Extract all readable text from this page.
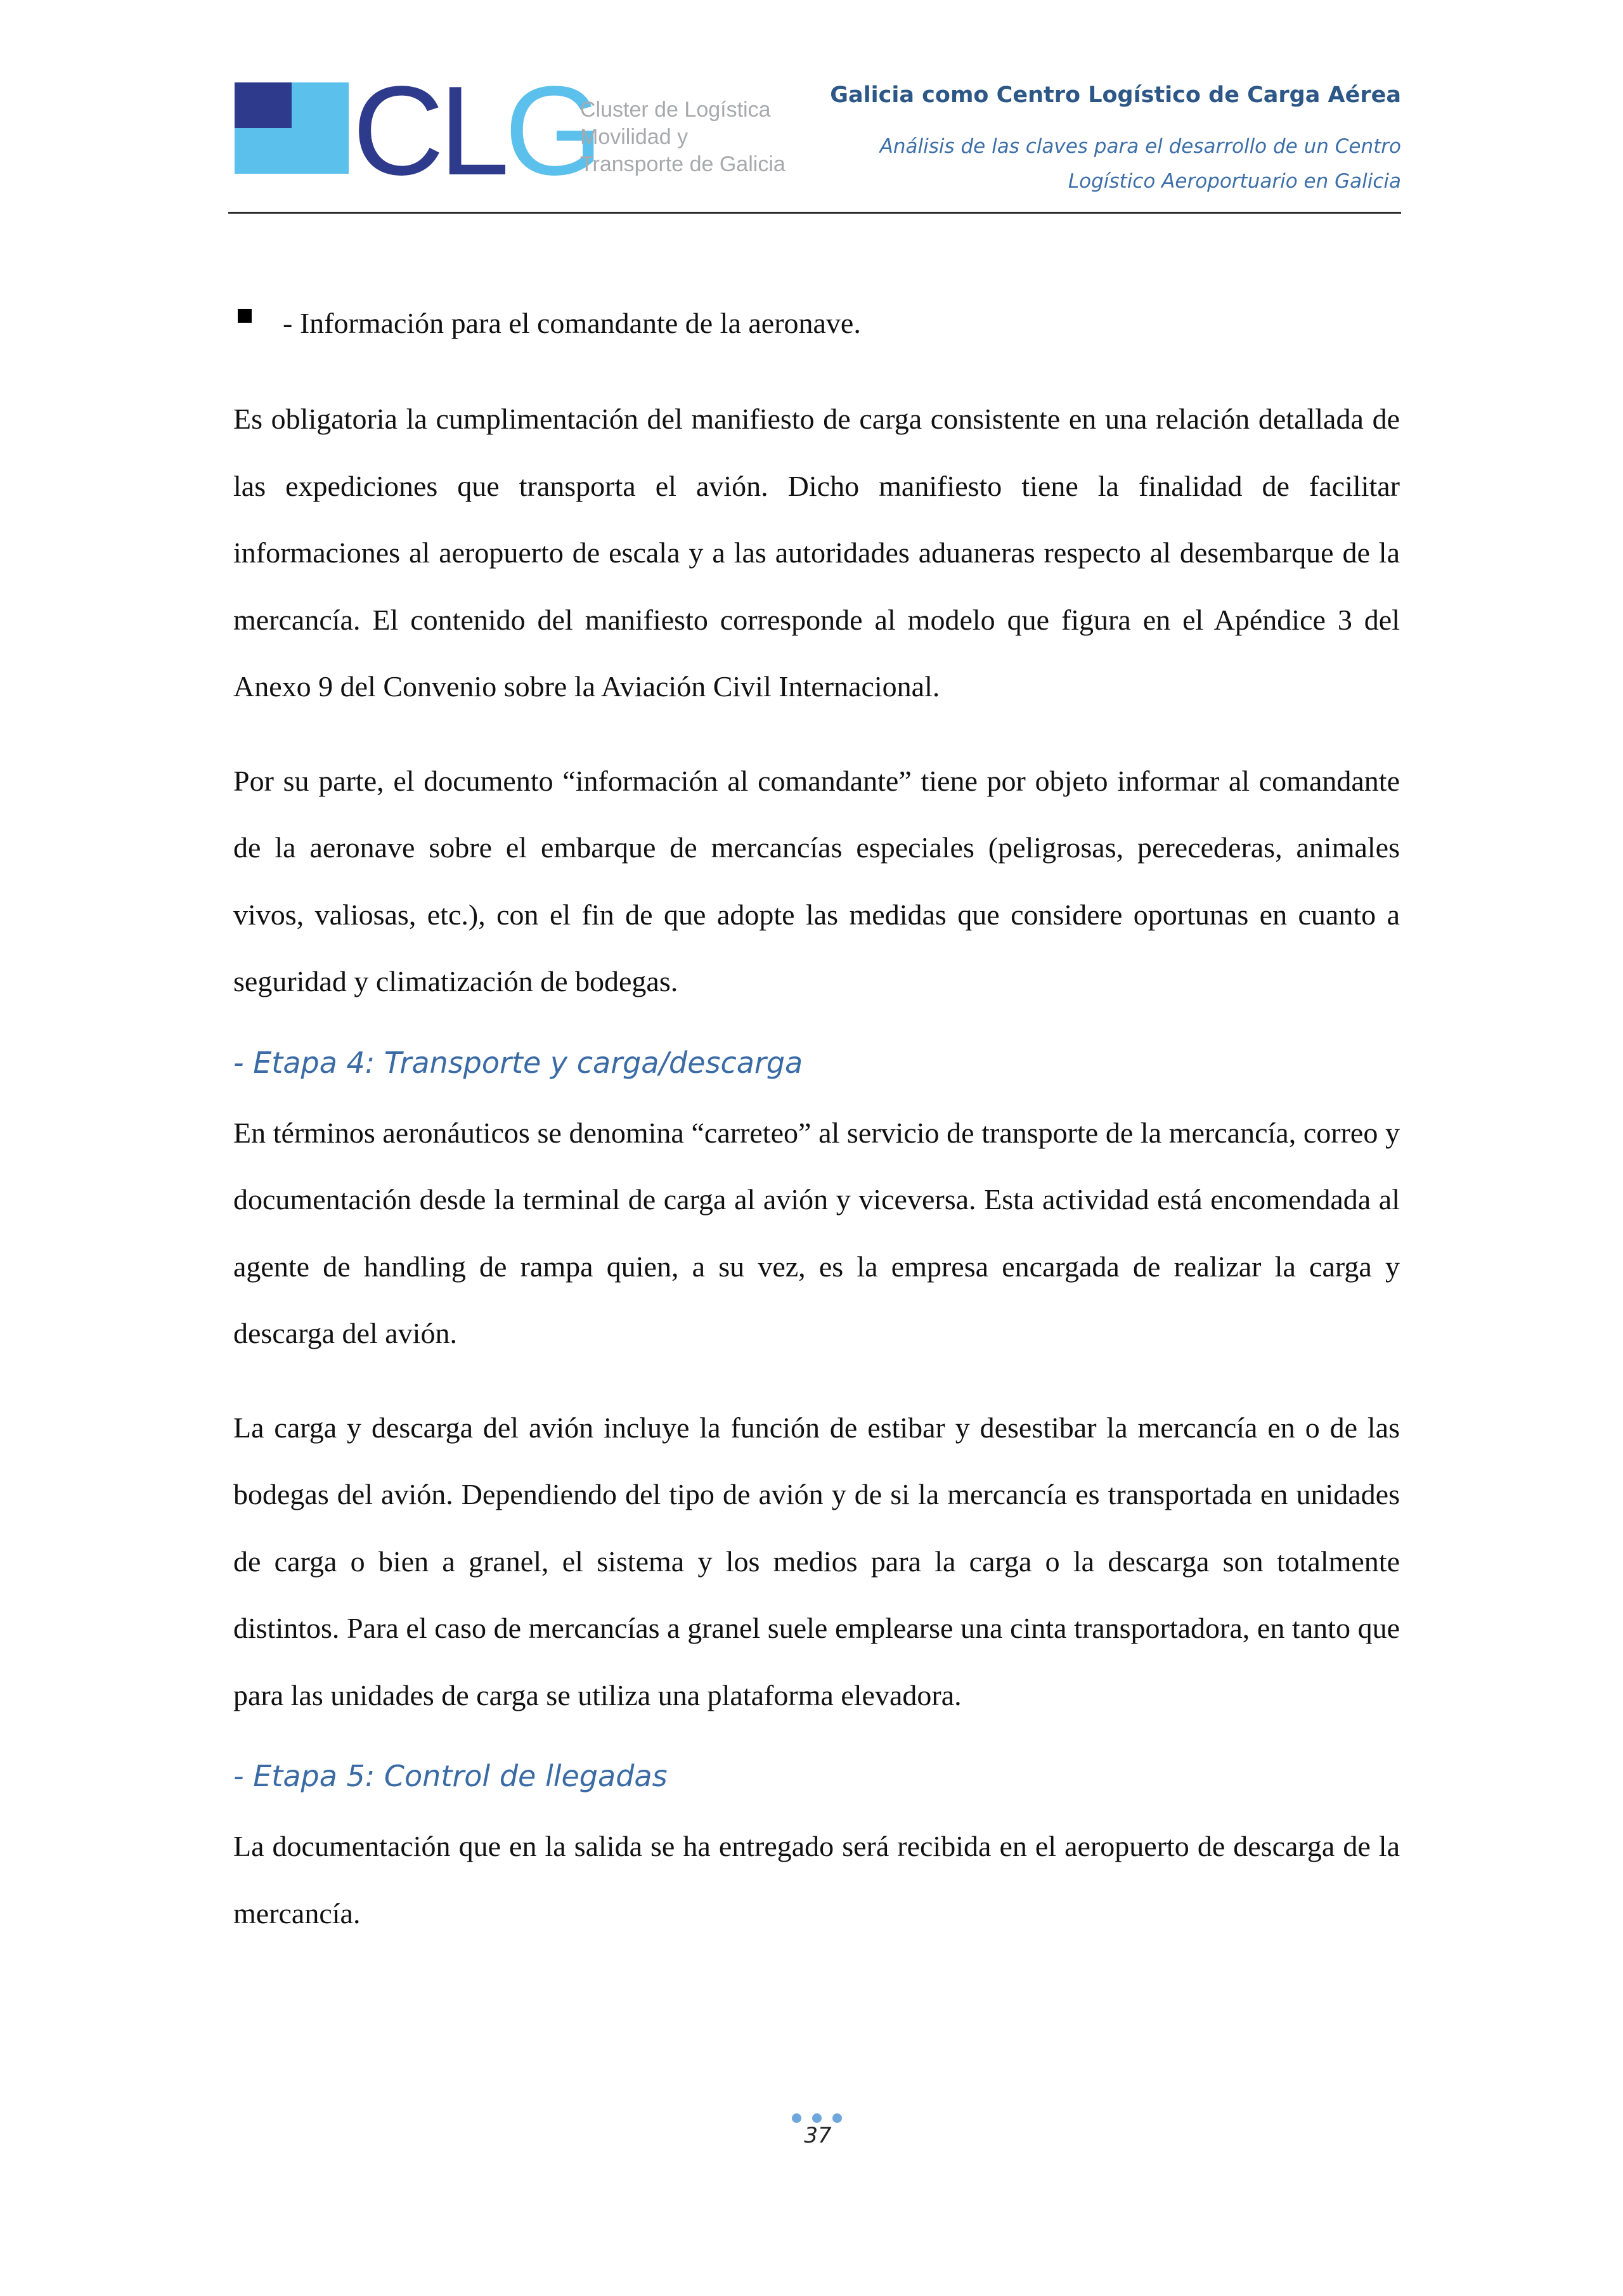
CLG
Cluster de Logística
Movilidad y
Transporte de Galicia
Galicia como Centro Logístico de Carga Aérea
Análisis de las claves para el desarrollo de un Centro
Logístico Aeroportuario en Galicia
- Información para el comandante de la aeronave.

Es obligatoria la cumplimentación del manifiesto de carga consistente en una relación detallada de las expediciones que transporta el avión. Dicho manifiesto tiene la finalidad de facilitar informaciones al aeropuerto de escala y a las autoridades aduaneras respecto al desembarque de la mercancía. El contenido del manifiesto corresponde al modelo que figura en el Apéndice 3 del Anexo 9 del Convenio sobre la Aviación Civil Internacional.

Por su parte, el documento “información al comandante” tiene por objeto informar al comandante de la aeronave sobre el embarque de mercancías especiales (peligrosas, perecederas, animales vivos, valiosas, etc.), con el fin de que adopte las medidas que considere oportunas en cuanto a seguridad y climatización de bodegas.

- Etapa 4: Transporte y carga/descarga

En términos aeronáuticos se denomina “carreteo” al servicio de transporte de la mercancía, correo y documentación desde la terminal de carga al avión y viceversa. Esta actividad está encomendada al agente de handling de rampa quien, a su vez, es la empresa encargada de realizar la carga y descarga del avión.

La carga y descarga del avión incluye la función de estibar y desestibar la mercancía en o de las bodegas del avión. Dependiendo del tipo de avión y de si la mercancía es transportada en unidades de carga o bien a granel, el sistema y los medios para la carga o la descarga son totalmente distintos. Para el caso de mercancías a granel suele emplearse una cinta transportadora, en tanto que para las unidades de carga se utiliza una plataforma elevadora.

- Etapa 5: Control de llegadas

La documentación que en la salida se ha entregado será recibida en el aeropuerto de descarga de la mercancía.

37
